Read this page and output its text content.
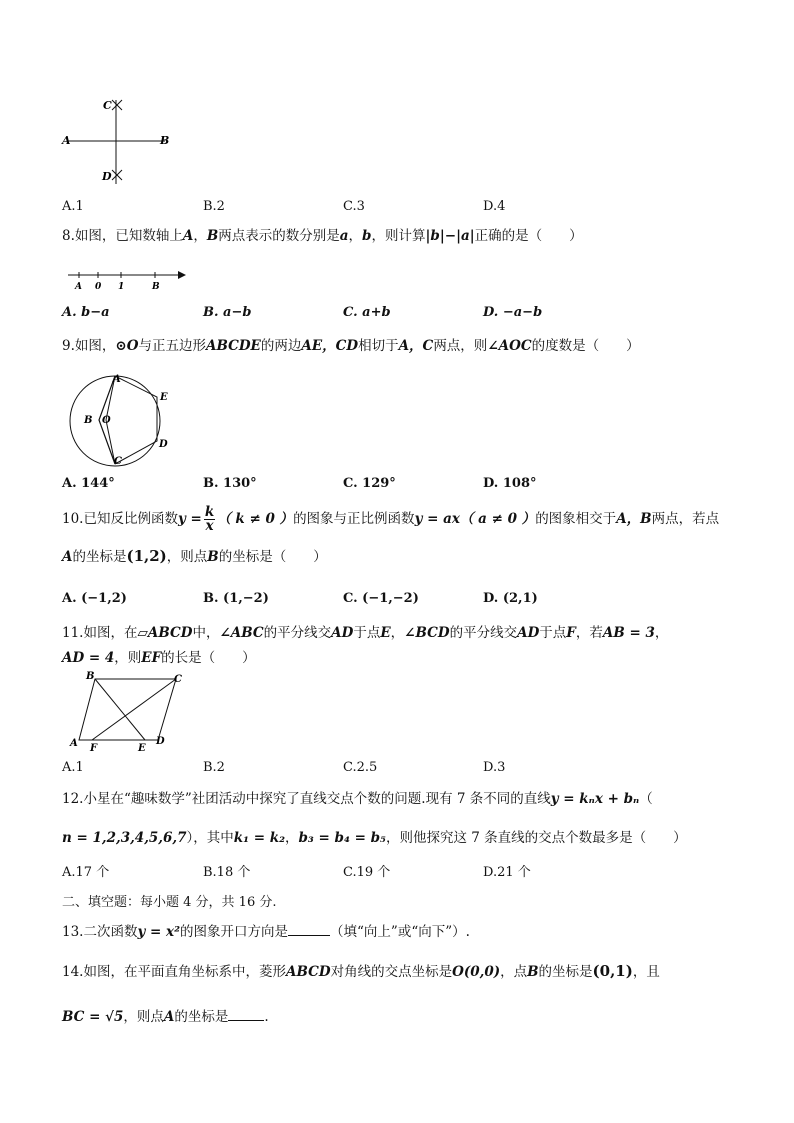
C
A	B
D
A.1	B.2	C.3	D.4
8.如图，已知数轴上A，B两点表示的数分别是a，b，则计算|b|−|a|正确的是（　　）
A 0 1	B
A. b−a	B. a−b	C. a+b	D. −a−b
9.如图，⊙O与正五边形ABCDE的两边AE，CD相切于A，C两点，则∠AOC的度数是（　　）
A
E
B O
D
C
A. 144°	B. 130°	C. 129°	D. 108°
10.已知反比例函数$y = \frac{k}{x}$ （ k ≠ 0 ）的图象与正比例函数y = ax（ a ≠ 0 ）的图象相交于A，B两点，若点
A的坐标是(1,2)，则点B的坐标是（　　）
A. (−1,2)	B. (1,−2)	C. (−1,−2)	D. (2,1)
11.如图，在▱ABCD中，∠ABC的平分线交AD于点E，∠BCD的平分线交AD于点F，若AB = 3，
AD = 4，则EF的长是（　　）
B	C
A F	E
D
A.1	B.2	C.2.5	D.3
12.小星在“趣味数学”社团活动中探究了直线交点个数的问题.现有 7 条不同的直线y = kₙx + bₙ（
n = 1,2,3,4,5,6,7），其中k₁ = k₂，b₃ = b₄ = b₅，则他探究这 7 条直线的交点个数最多是（　　）
A.17 个	B.18 个	C.19 个	D.21 个
二、填空题：每小题 4 分，共 16 分.
13.二次函数y = x²的图象开口方向是	（填“向上”或“向下”）.
14.如图，在平面直角坐标系中，菱形ABCD对角线的交点坐标是O(0,0)，点B的坐标是(0,1)，且
BC = √5，则点A的坐标是	.
